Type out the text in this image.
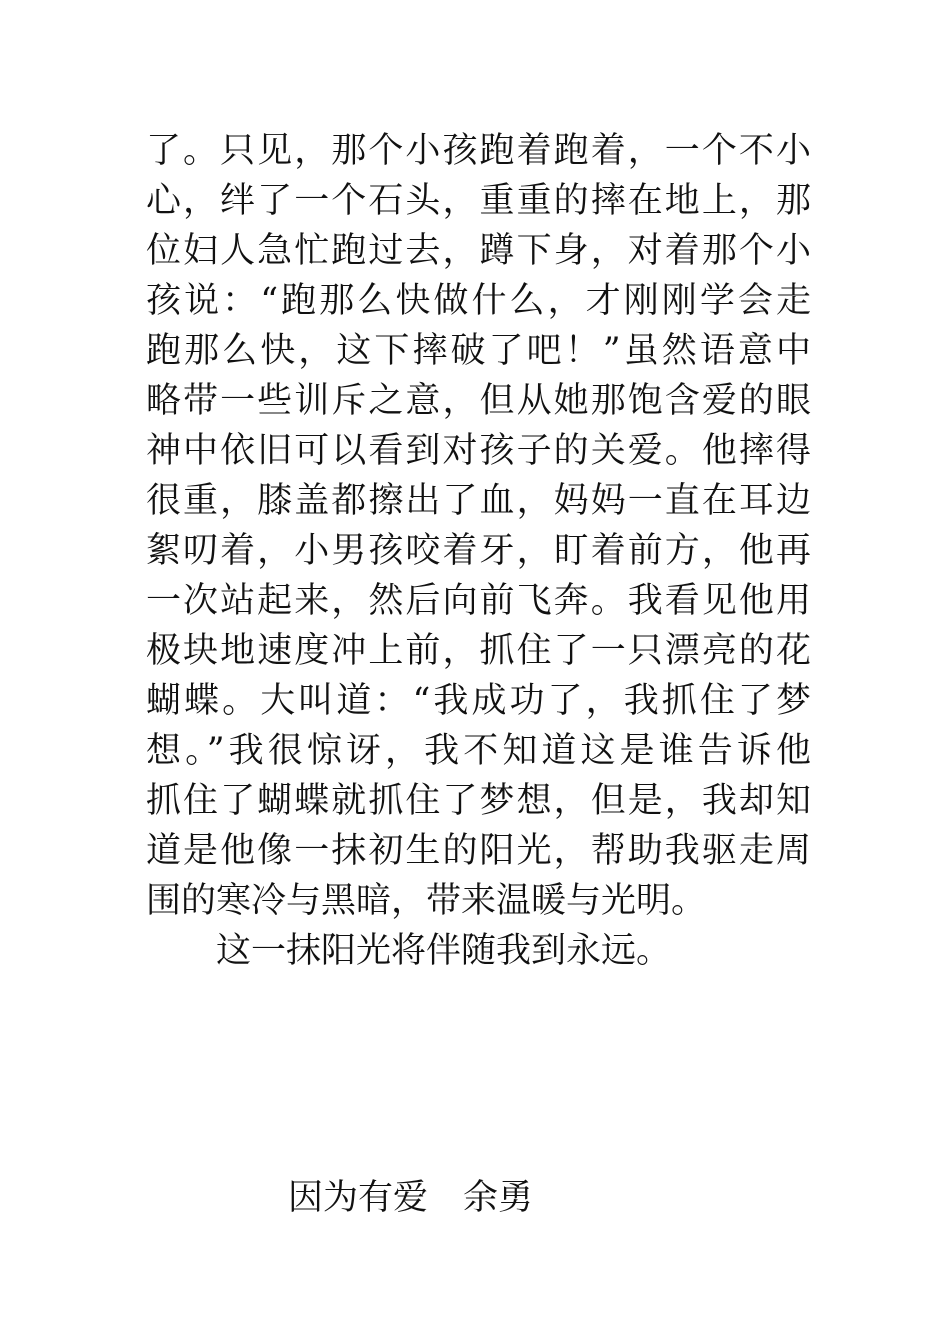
了。只见，那个小孩跑着跑着，一个不小
心，绊了一个石头，重重的摔在地上，那
位妇人急忙跑过去，蹲下身，对着那个小
孩说：“跑那么快做什么，才刚刚学会走
跑那么快，这下摔破了吧！”虽然语意中
略带一些训斥之意，但从她那饱含爱的眼
神中依旧可以看到对孩子的关爱。他摔得
很重，膝盖都擦出了血，妈妈一直在耳边
絮叨着，小男孩咬着牙，盯着前方，他再
一次站起来，然后向前飞奔。我看见他用
极块地速度冲上前，抓住了一只漂亮的花
蝴蝶。大叫道：“我成功了，我抓住了梦
想。”我很惊讶，我不知道这是谁告诉他
抓住了蝴蝶就抓住了梦想，但是，我却知
道是他像一抹初生的阳光，帮助我驱走周
围的寒冷与黑暗，带来温暖与光明。
这一抹阳光将伴随我到永远。
因为有爱　 余勇
